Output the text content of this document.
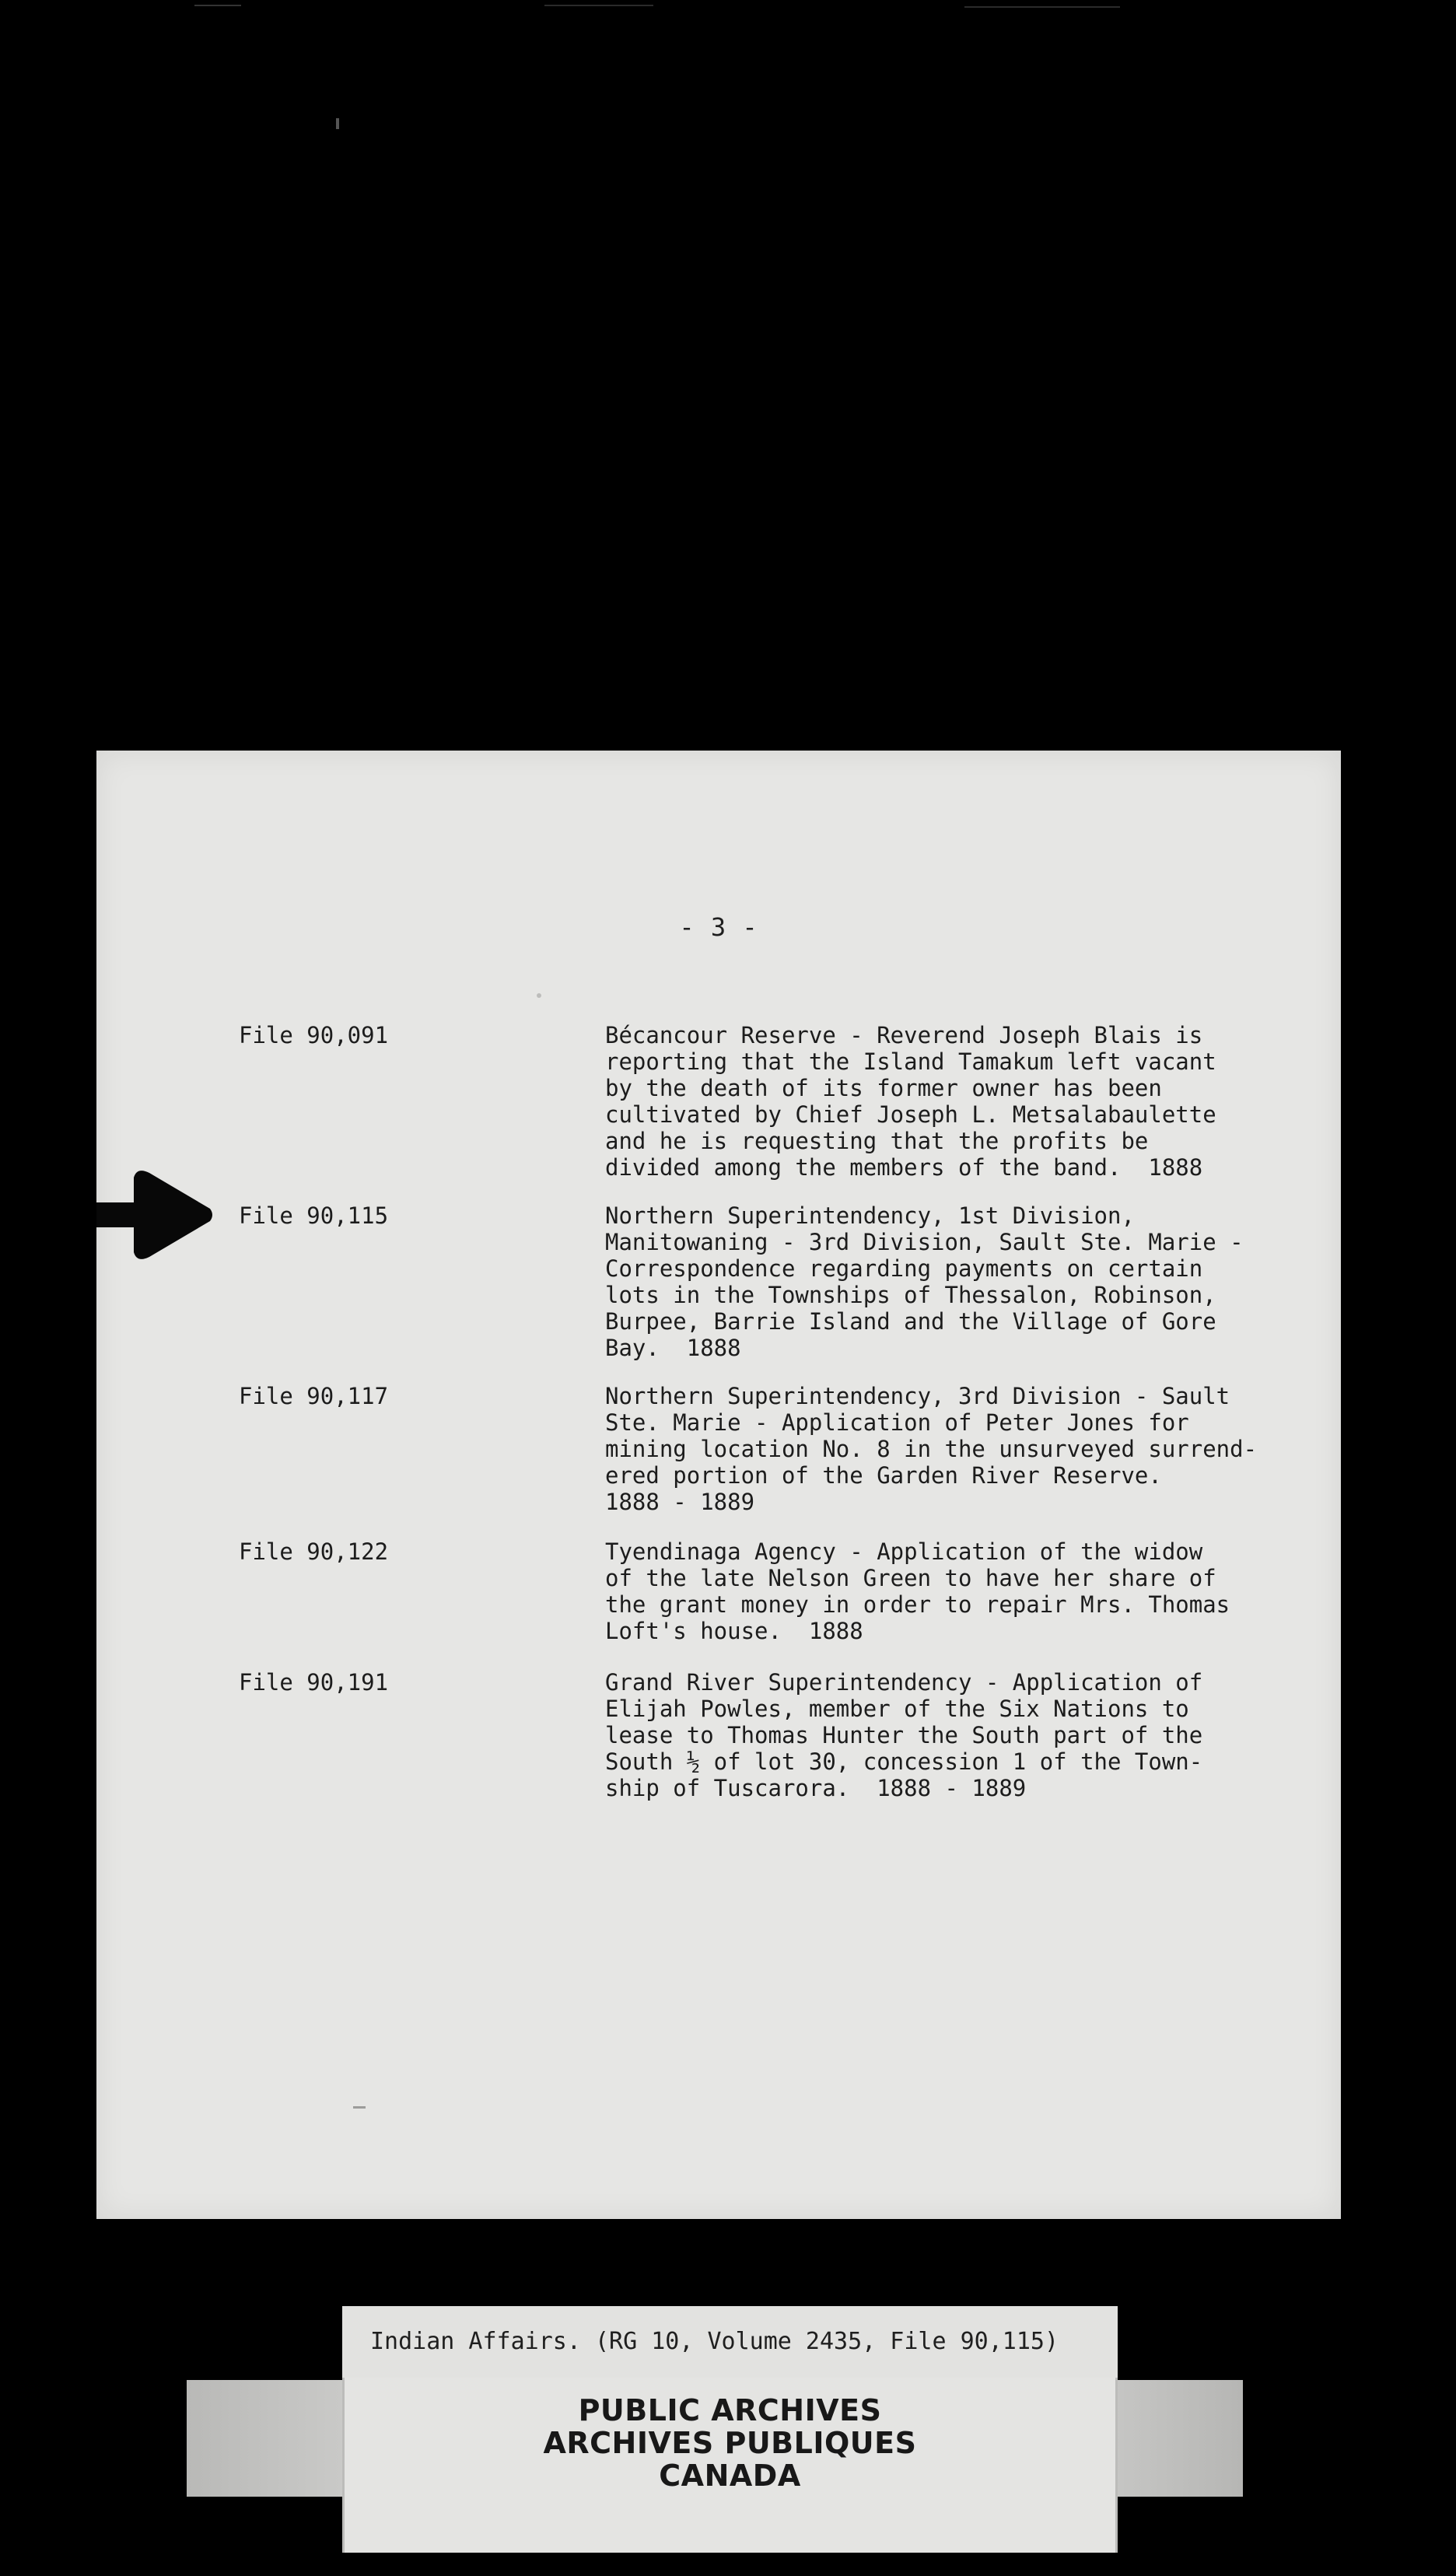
- 3 -
File 90,091	Bécancour Reserve - Reverend Joseph Blais is
reporting that the Island Tamakum left vacant
by the death of its former owner has been
cultivated by Chief Joseph L. Metsalabaulette
and he is requesting that the profits be
divided among the members of the band.  1888

File 90,115	Northern Superintendency, 1st Division,
Manitowaning - 3rd Division, Sault Ste. Marie -
Correspondence regarding payments on certain
lots in the Townships of Thessalon, Robinson,
Burpee, Barrie Island and the Village of Gore
Bay.  1888

File 90,117	Northern Superintendency, 3rd Division - Sault
Ste. Marie - Application of Peter Jones for
mining location No. 8 in the unsurveyed surrend-
ered portion of the Garden River Reserve.
1888 - 1889

File 90,122	Tyendinaga Agency - Application of the widow
of the late Nelson Green to have her share of
the grant money in order to repair Mrs. Thomas
Loft's house.  1888

File 90,191	Grand River Superintendency - Application of
Elijah Powles, member of the Six Nations to
lease to Thomas Hunter the South part of the
South ½ of lot 30, concession 1 of the Town-
ship of Tuscarora.  1888 - 1889

Indian Affairs. (RG 10, Volume 2435, File 90,115)
PUBLIC ARCHIVES
ARCHIVES PUBLIQUES
CANADA
